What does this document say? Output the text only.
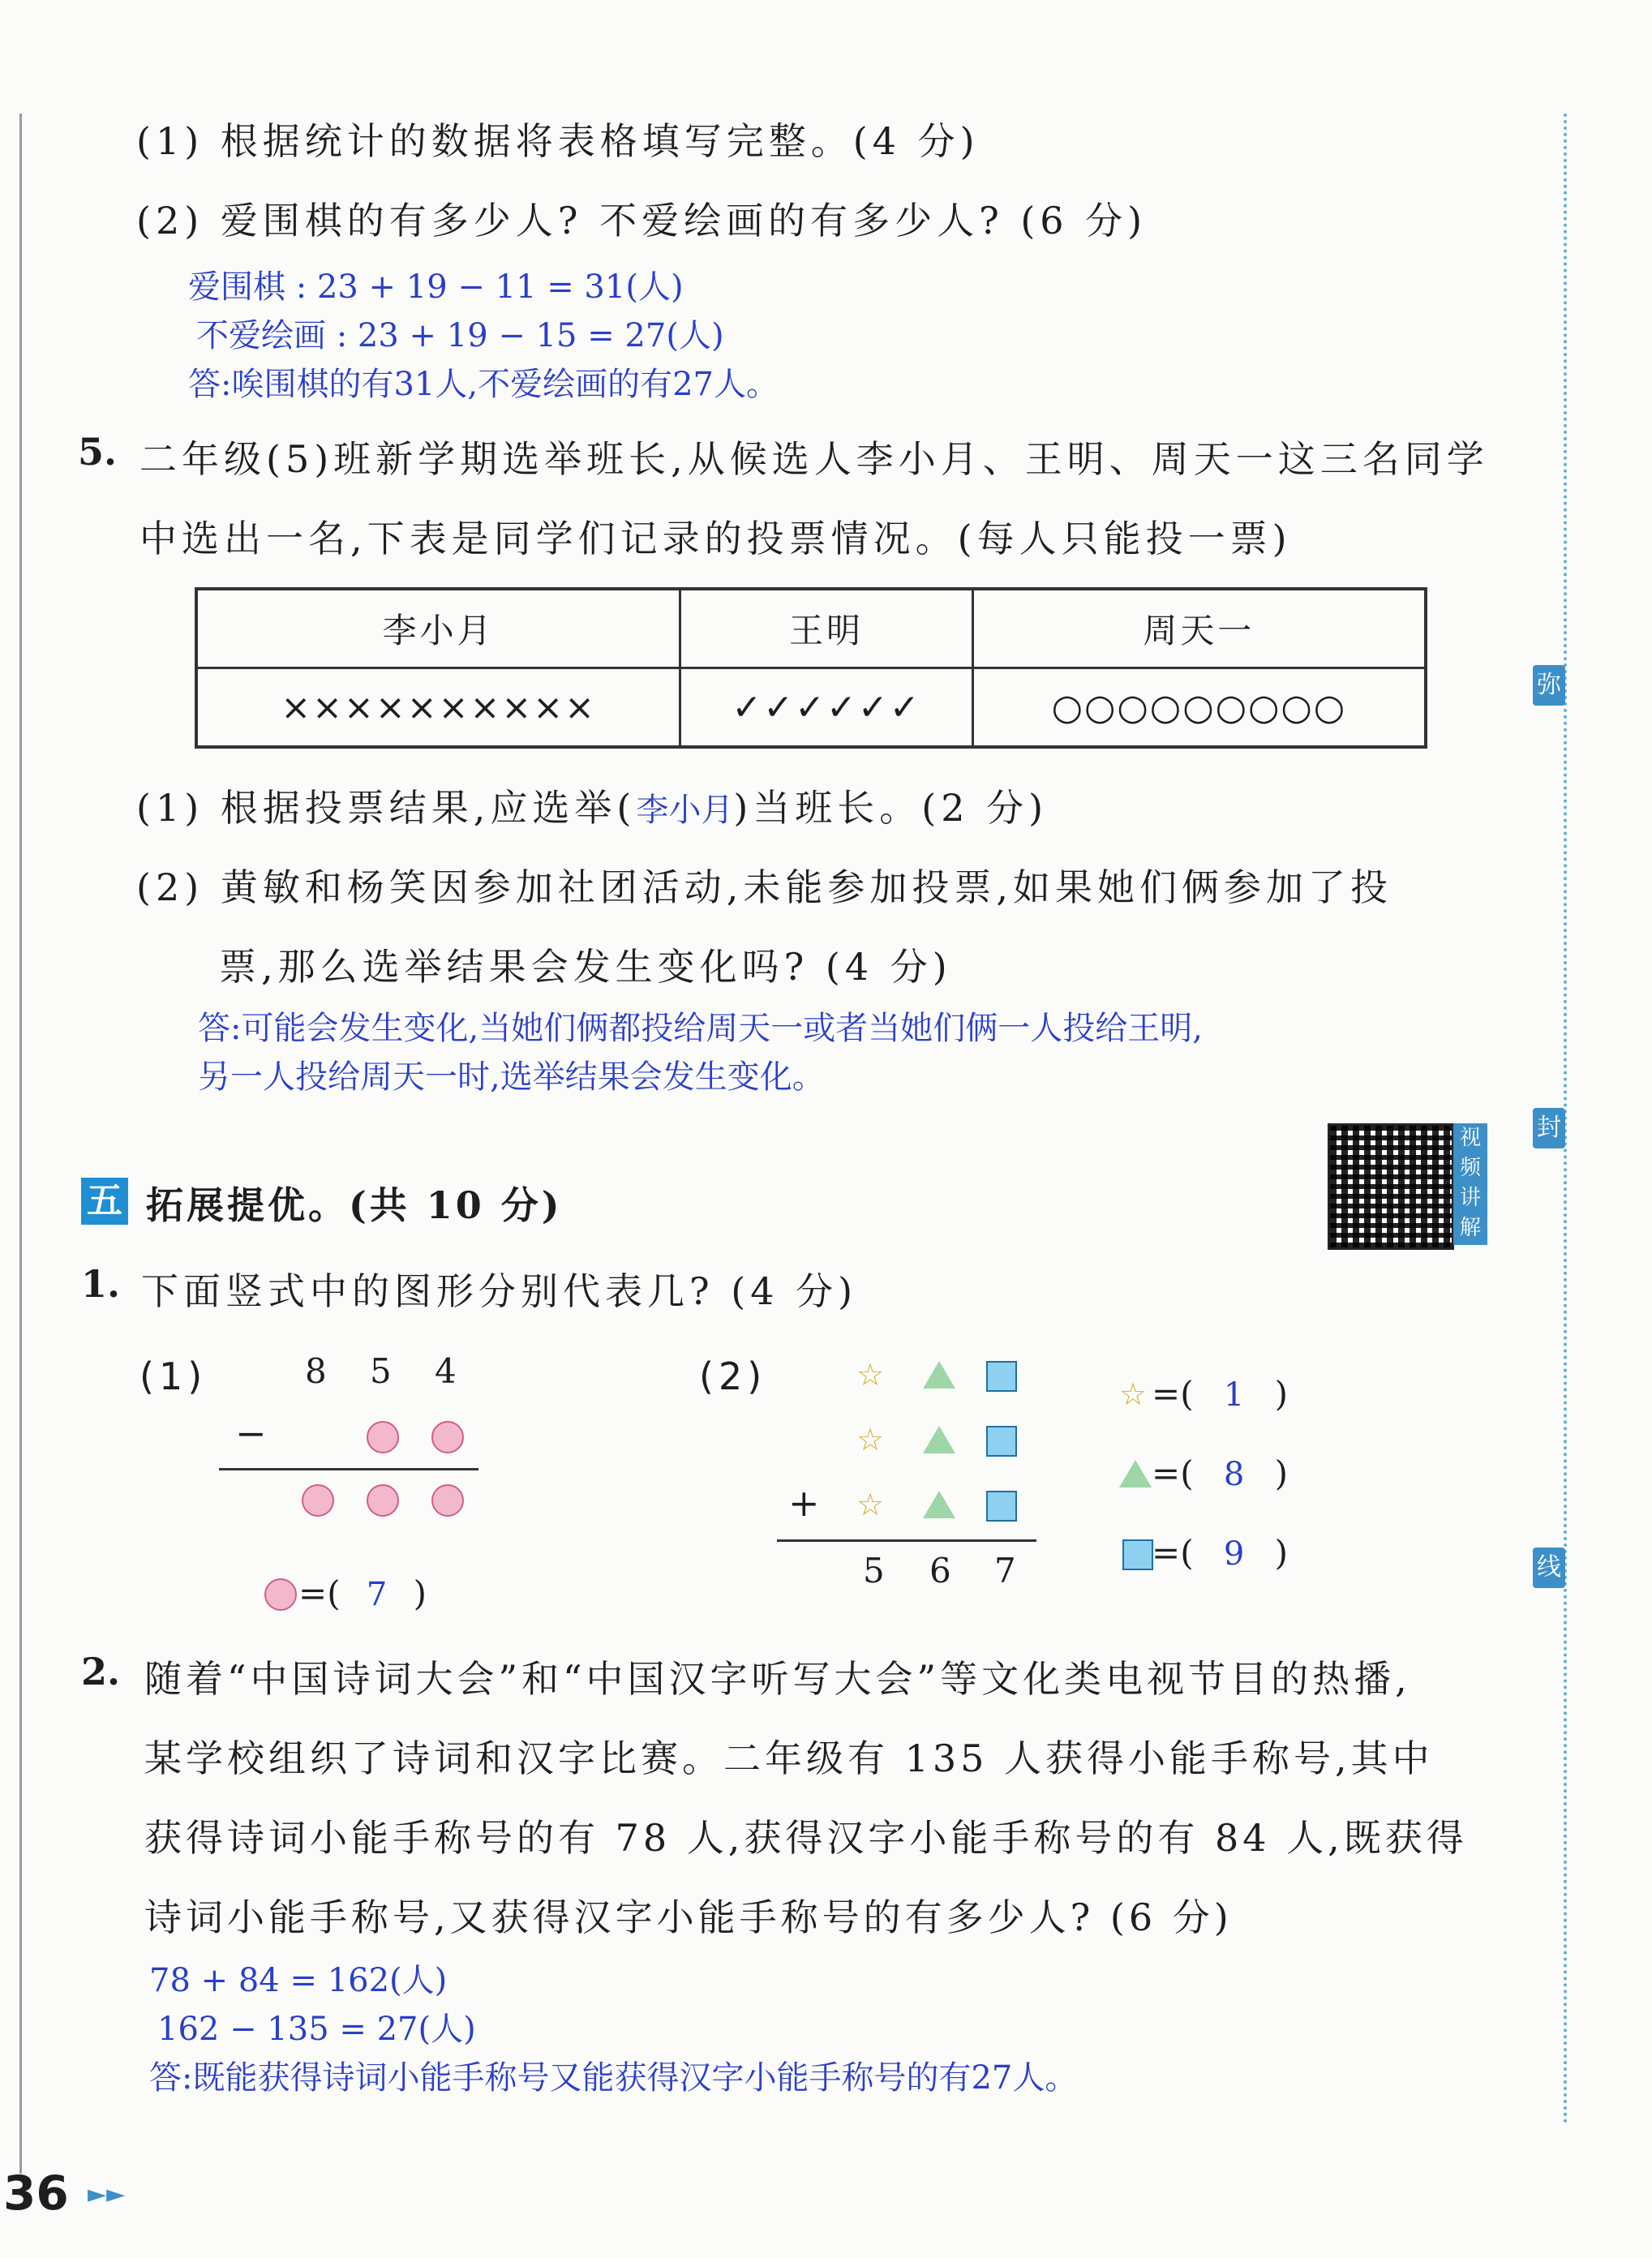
弥
封
线
(1) 根据统计的数据将表格填写完整。(4 分)
(2) 爱围棋的有多少人? 不爱绘画的有多少人? (6 分)
爱围棋 : 23 + 19 − 11 = 31(人)
不爱绘画 : 23 + 19 − 15 = 27(人)
答:唉围棋的有31人,不爱绘画的有27人。
5. 二年级(5)班新学期选举班长,从候选人李小月、王明、周天一这三名同学
中选出一名,下表是同学们记录的投票情况。(每人只能投一票)
李小月	王明	周天一
××××××××××	✓✓✓✓✓✓	○○○○○○○○○
(1) 根据投票结果,应选举(李小月)当班长。(2 分)
(2) 黄敏和杨笑因参加社团活动,未能参加投票,如果她们俩参加了投
票,那么选举结果会发生变化吗? (4 分)
答:可能会发生变化,当她们俩都投给周天一或者当她们俩一人投给王明,
另一人投给周天一时,选举结果会发生变化。
视
频
讲
解
五 拓展提优。(共 10 分)
1. 下面竖式中的图形分别代表几? (4 分)
(1)	8 5 4
−
=( 7 )
(2)	☆
☆
+ ☆
5 6 7
☆ =( 1 )
=( 8 )
=( 9 )
2. 随着“中国诗词大会”和“中国汉字听写大会”等文化类电视节目的热播,
某学校组织了诗词和汉字比赛。二年级有 135 人获得小能手称号,其中
获得诗词小能手称号的有 78 人,获得汉字小能手称号的有 84 人,既获得
诗词小能手称号,又获得汉字小能手称号的有多少人? (6 分)
78 + 84 = 162(人)
162 − 135 = 27(人)
答:既能获得诗词小能手称号又能获得汉字小能手称号的有27人。
36 ►►
